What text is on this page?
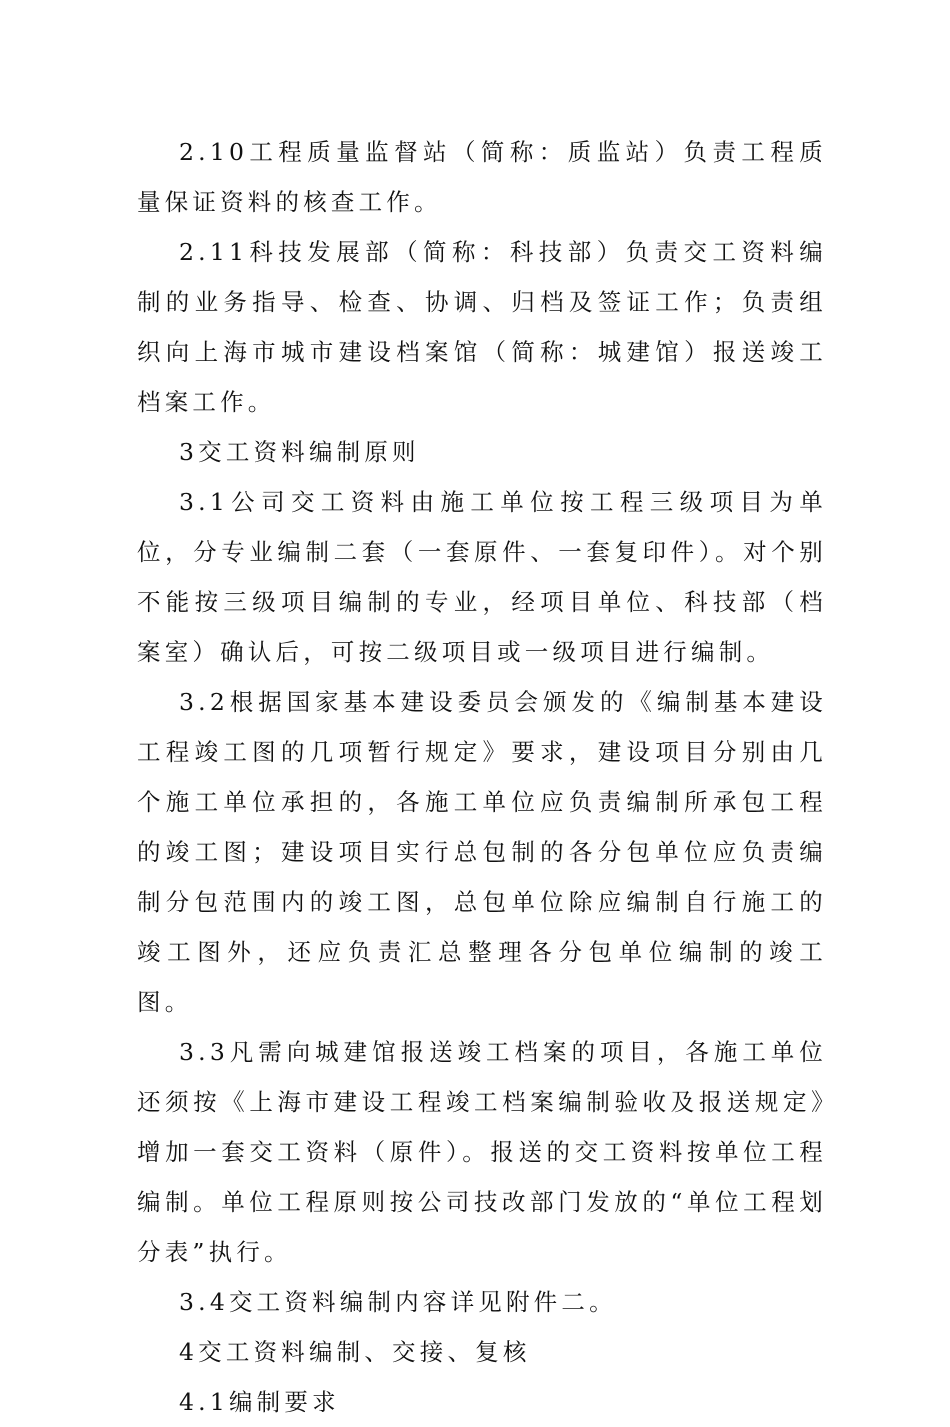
2.10工程质量监督站（简称：质监站）负责工程质量保证资料的核查工作。

2.11科技发展部（简称：科技部）负责交工资料编制的业务指导、检查、协调、归档及签证工作；负责组织向上海市城市建设档案馆（简称：城建馆）报送竣工档案工作。

3交工资料编制原则

3.1公司交工资料由施工单位按工程三级项目为单位，分专业编制二套（一套原件、一套复印件）。对个别不能按三级项目编制的专业，经项目单位、科技部（档案室）确认后，可按二级项目或一级项目进行编制。

3.2根据国家基本建设委员会颁发的《编制基本建设工程竣工图的几项暂行规定》要求，建设项目分别由几个施工单位承担的，各施工单位应负责编制所承包工程的竣工图；建设项目实行总包制的各分包单位应负责编制分包范围内的竣工图，总包单位除应编制自行施工的竣工图外，还应负责汇总整理各分包单位编制的竣工图。

3.3凡需向城建馆报送竣工档案的项目，各施工单位还须按《上海市建设工程竣工档案编制验收及报送规定》增加一套交工资料（原件）。报送的交工资料按单位工程编制。单位工程原则按公司技改部门发放的“单位工程划分表”执行。

3.4交工资料编制内容详见附件二。

4交工资料编制、交接、复核

4.1编制要求
